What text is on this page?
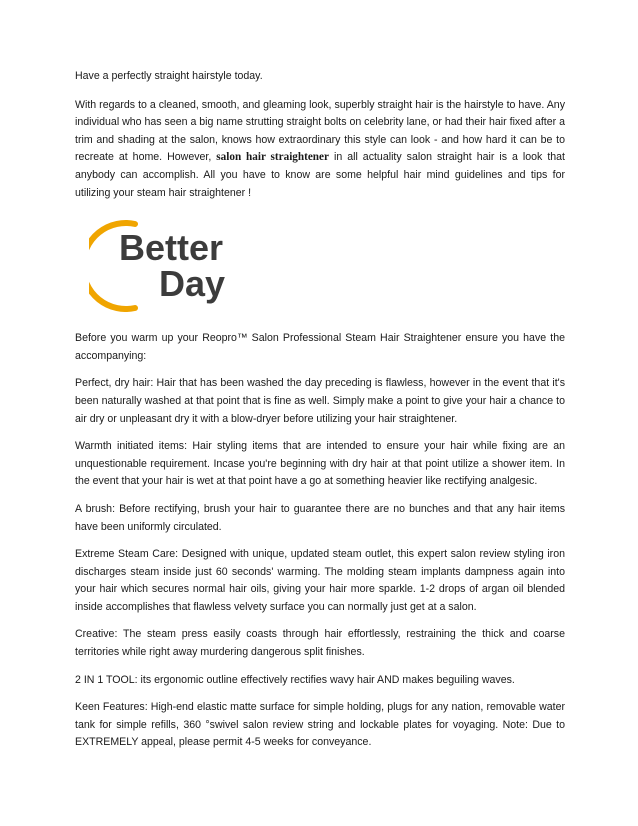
Have a perfectly straight hairstyle today.

With regards to a cleaned, smooth, and gleaming look, superbly straight hair is the hairstyle to have. Any individual who has seen a big name strutting straight bolts on celebrity lane, or had their hair fixed after a trim and shading at the salon, knows how extraordinary this style can look - and how hard it can be to recreate at home. However, salon hair straightener in all actuality salon straight hair is a look that anybody can accomplish. All you have to know are some helpful hair mind guidelines and tips for utilizing your steam hair straightener !

Better
Day

Before you warm up your Reopro™ Salon Professional Steam Hair Straightener ensure you have the accompanying:

Perfect, dry hair: Hair that has been washed the day preceding is flawless, however in the event that it's been naturally washed at that point that is fine as well. Simply make a point to give your hair a chance to air dry or unpleasant dry it with a blow-dryer before utilizing your hair straightener.

Warmth initiated items: Hair styling items that are intended to ensure your hair while fixing are an unquestionable requirement. Incase you're beginning with dry hair at that point utilize a shower item. In the event that your hair is wet at that point have a go at something heavier like rectifying analgesic.

A brush: Before rectifying, brush your hair to guarantee there are no bunches and that any hair items have been uniformly circulated.

Extreme Steam Care: Designed with unique, updated steam outlet, this expert salon review styling iron discharges steam inside just 60 seconds' warming. The molding steam implants dampness again into your hair which secures normal hair oils, giving your hair more sparkle. 1-2 drops of argan oil blended inside accomplishes that flawless velvety surface you can normally just get at a salon.

Creative: The steam press easily coasts through hair effortlessly, restraining the thick and coarse territories while right away murdering dangerous split finishes.

2 IN 1 TOOL: its ergonomic outline effectively rectifies wavy hair AND makes beguiling waves.

Keen Features: High-end elastic matte surface for simple holding, plugs for any nation, removable water tank for simple refills, 360 °swivel salon review string and lockable plates for voyaging. Note: Due to EXTREMELY appeal, please permit 4-5 weeks for conveyance.
